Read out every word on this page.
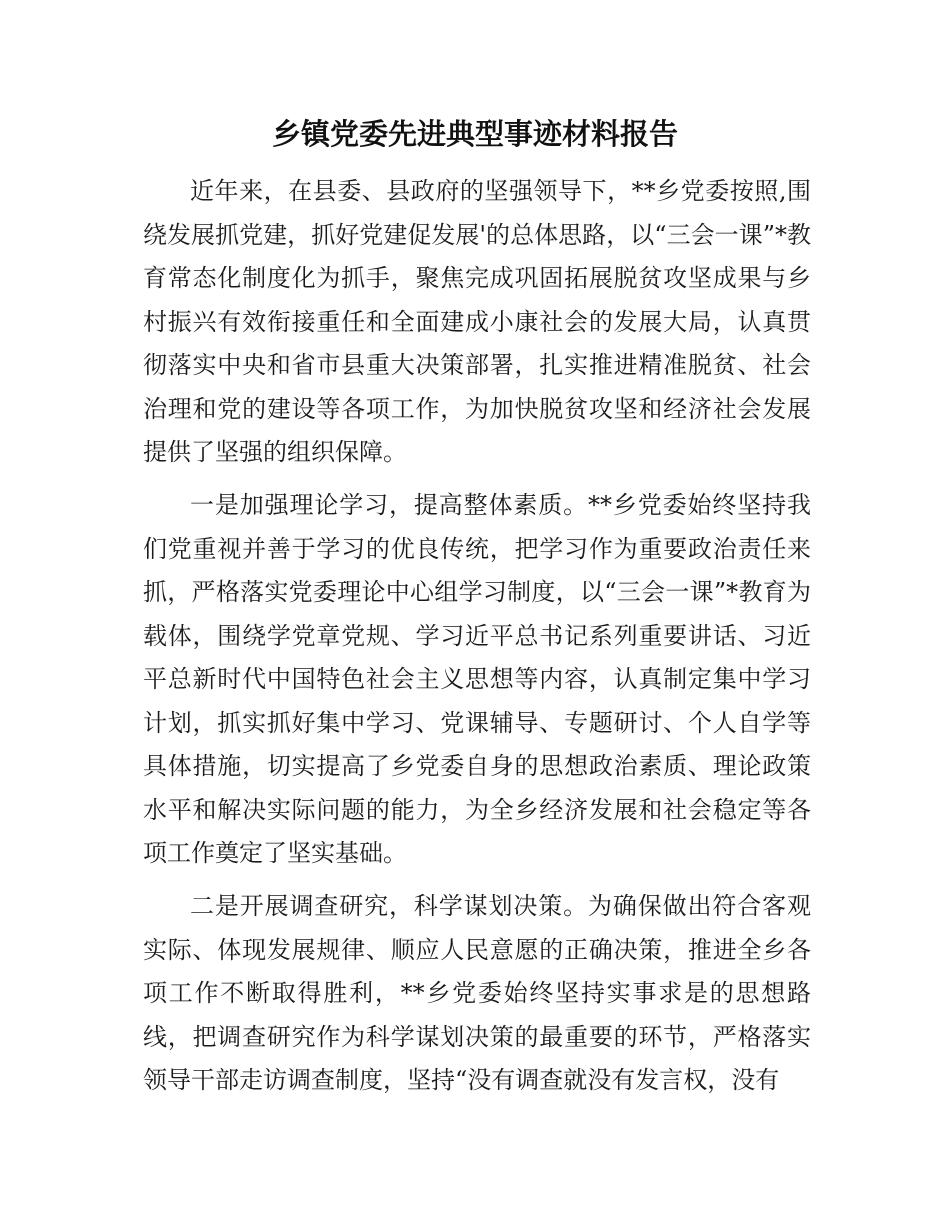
乡镇党委先进典型事迹材料报告

近年来，在县委、县政府的坚强领导下，**乡党委按照,围绕发展抓党建，抓好党建促发展'的总体思路，以“三会一课”*教育常态化制度化为抓手，聚焦完成巩固拓展脱贫攻坚成果与乡村振兴有效衔接重任和全面建成小康社会的发展大局，认真贯彻落实中央和省市县重大决策部署，扎实推进精准脱贫、社会治理和党的建设等各项工作，为加快脱贫攻坚和经济社会发展提供了坚强的组织保障。

一是加强理论学习，提高整体素质。**乡党委始终坚持我们党重视并善于学习的优良传统，把学习作为重要政治责任来抓，严格落实党委理论中心组学习制度，以“三会一课”*教育为载体，围绕学党章党规、学习近平总书记系列重要讲话、习近平总新时代中国特色社会主义思想等内容，认真制定集中学习计划，抓实抓好集中学习、党课辅导、专题研讨、个人自学等具体措施，切实提高了乡党委自身的思想政治素质、理论政策水平和解决实际问题的能力，为全乡经济发展和社会稳定等各项工作奠定了坚实基础。

二是开展调查研究，科学谋划决策。为确保做出符合客观实际、体现发展规律、顺应人民意愿的正确决策，推进全乡各项工作不断取得胜利，**乡党委始终坚持实事求是的思想路线，把调查研究作为科学谋划决策的最重要的环节，严格落实领导干部走访调查制度，坚持“没有调查就没有发言权，没有
